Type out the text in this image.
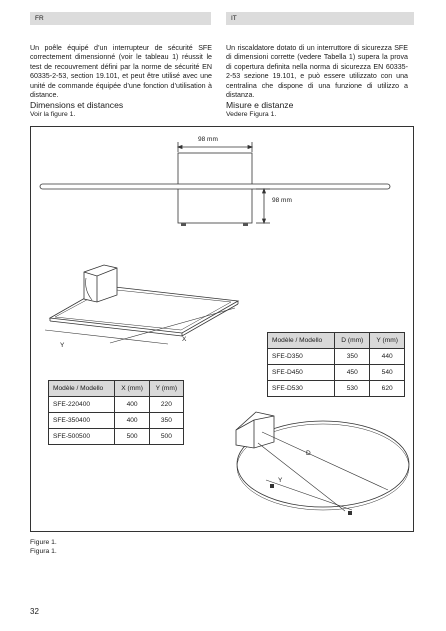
FR	IT
Un poêle équipé d’un interrupteur de sécurité SFE correctement dimensionné (voir le tableau 1) réussit le test de recouvrement défini par la norme de sécurité EN 60335-2-53, section 19.101, et peut être utilisé avec une unité de commande équipée d’une fonction d’utilisation à distance.
Un riscaldatore dotato di un interruttore di sicurezza SFE di dimensioni corrette (vedere Tabella 1) supera la prova di copertura definita nella norma di sicurezza EN 60335-2-53 sezione 19.101, e può essere utilizzato con una centralina che dispone di una funzione di utilizzo a distanza.
Dimensions et distances
Voir la figure 1.
Misure e distanze
Vedere Figura 1.
98 mm
98 mm
X
Y
D
Y
Modèle / Modello	X (mm)	Y (mm)
SFE-220400	400	220
SFE-350400	400	350
SFE-500500	500	500
Modèle / Modello	D (mm)	Y (mm)
SFE-D350	350	440
SFE-D450	450	540
SFE-D530	530	620
Figure 1.
Figura 1.
32
